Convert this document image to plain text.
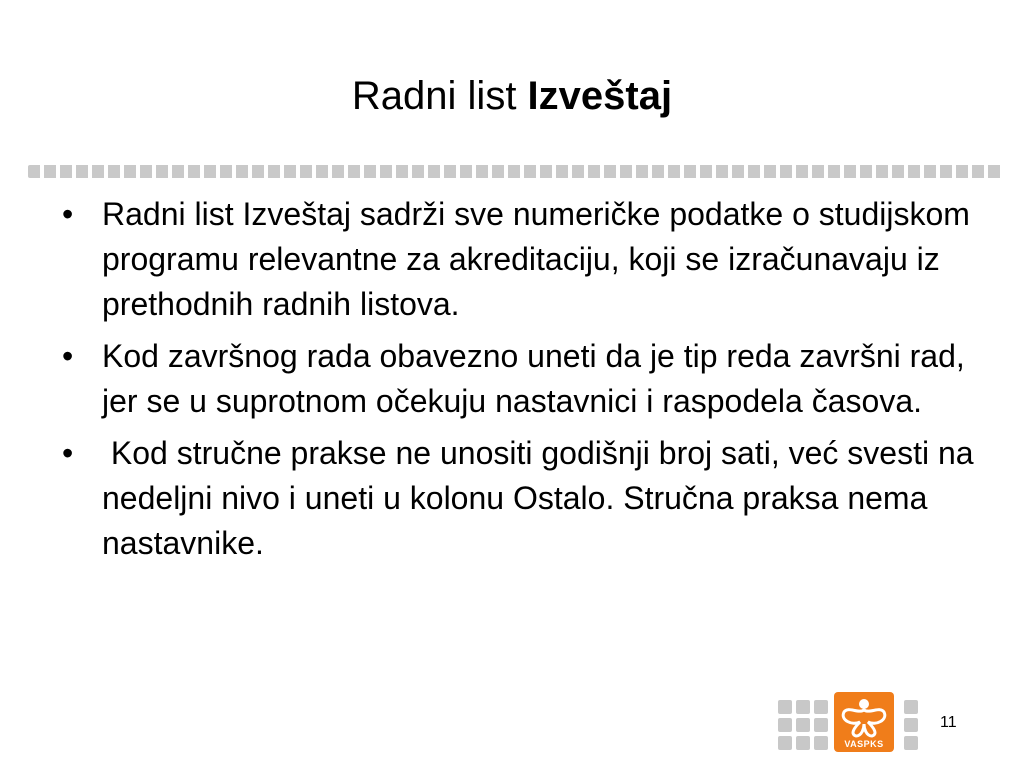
Radni list Izveštaj
• Radni list Izveštaj sadrži sve numeričke podatke o studijskom programu relevantne za akreditaciju, koji se izračunavaju iz prethodnih radnih listova.
• Kod završnog rada obavezno uneti da je tip reda završni rad, jer se u suprotnom očekuju nastavnici i raspodela časova.
• Kod stručne prakse ne unositi godišnji broj sati, već svesti na nedeljni nivo i uneti u kolonu Ostalo. Stručna praksa nema nastavnike.
VASPKS
11
